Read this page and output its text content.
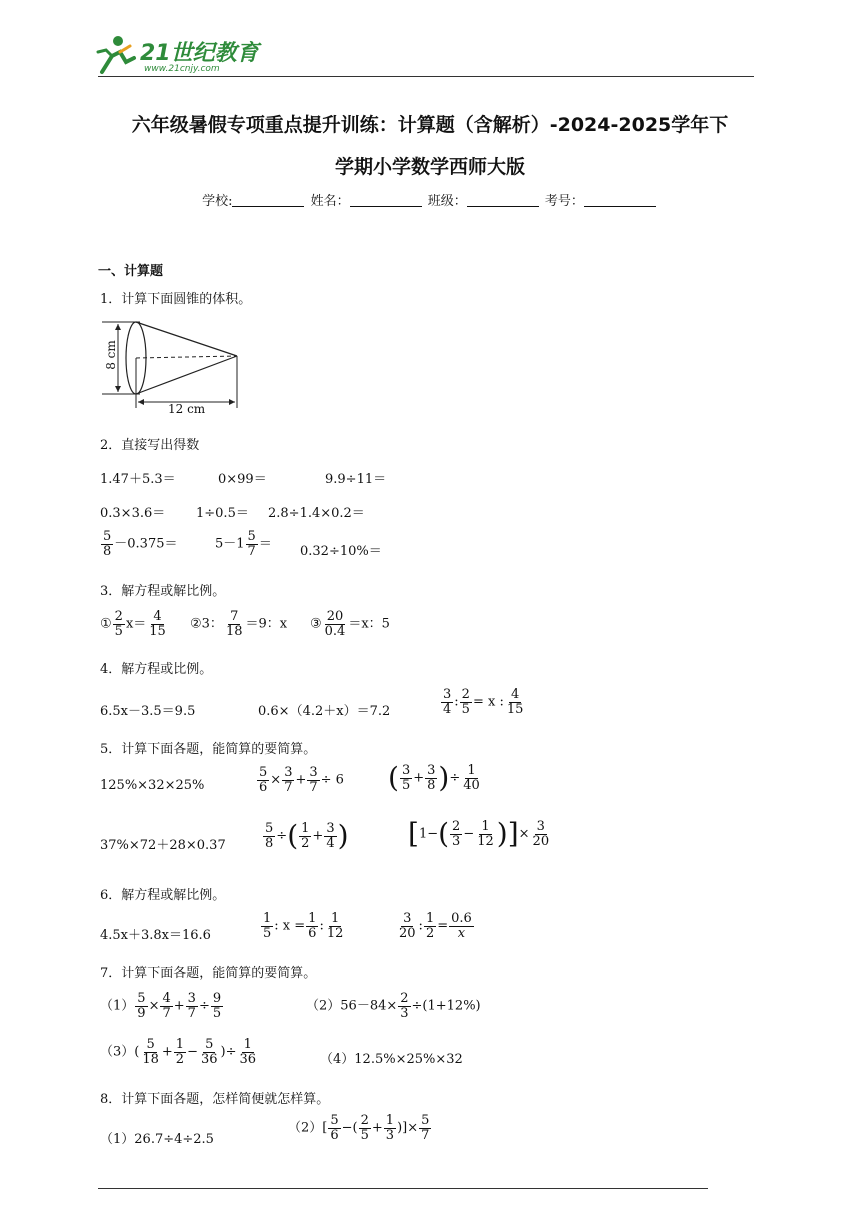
21世纪教育
www.21cnjy.com
六年级暑假专项重点提升训练：计算题（含解析）-2024-2025学年下
学期小学数学西师大版
学校:	姓名：	班级：	考号：
一、计算题
1．计算下面圆锥的体积。
8 cm
12 cm
2．直接写出得数
1.47＋5.3＝	0×99＝	9.9÷11＝
0.3×3.6＝ 1÷0.5＝ 2.8÷1.4×0.2＝
$\frac{5}{8} -0.375=$	$5-1 \frac{5}{7} = 0.32\div 10\%=$
3．解方程或解比例。
① $\frac{2}{5} x= \frac{4}{15}$ ②3： $\frac{7}{18} =9$：x ③ $\frac{20}{0.4} =x$：5
4．解方程或比例。
6.5x－3.5＝9.5	0.6×（4.2＋x）＝7.2	$\frac{3}{4}$ : $\frac{2}{5} = x$ : $\frac{4}{15}$
5．计算下面各题，能简算的要简算。
125%×32×25%	$\frac{5}{6} \times \frac{3}{7} + \frac{3}{7} \div 6$ ( $\frac{3}{5} + \frac{3}{8}$ )÷ $\frac{1}{40}$
37%×72＋28×0.37	$\frac{5}{8}$ ÷( $\frac{1}{2} + \frac{3}{4}$ ) [$1-( \frac{2}{3} - \frac{1}{12}$ )]× $\frac{3}{20}$
6．解方程或解比例。
4.5x＋3.8x＝16.6	$\frac{1}{5}$ : $x = \frac{1}{6}$ : $\frac{1}{12}$	$\frac{3}{20}$ : $\frac{1}{2} = \frac{0.6}{x}$
7．计算下面各题，能简算的要简算。
$(1) \frac{5}{9} \times \frac{4}{7} + \frac{3}{7} \div \frac{9}{5}$	$(2)56-84\times \frac{2}{3} \div(1+12\%)$
$(3)( \frac{5}{18} + \frac{1}{2} - \frac{5}{36}$ )÷ $\frac{1}{36}$	（4）12.5%×25%×32
8．计算下面各题，怎样简便就怎样算。
（1）26.7÷4÷2.5
$(2)[ \frac{5}{6}$ −( $\frac{2}{5} + \frac{1}{3}$ )]× $\frac{5}{7}$
